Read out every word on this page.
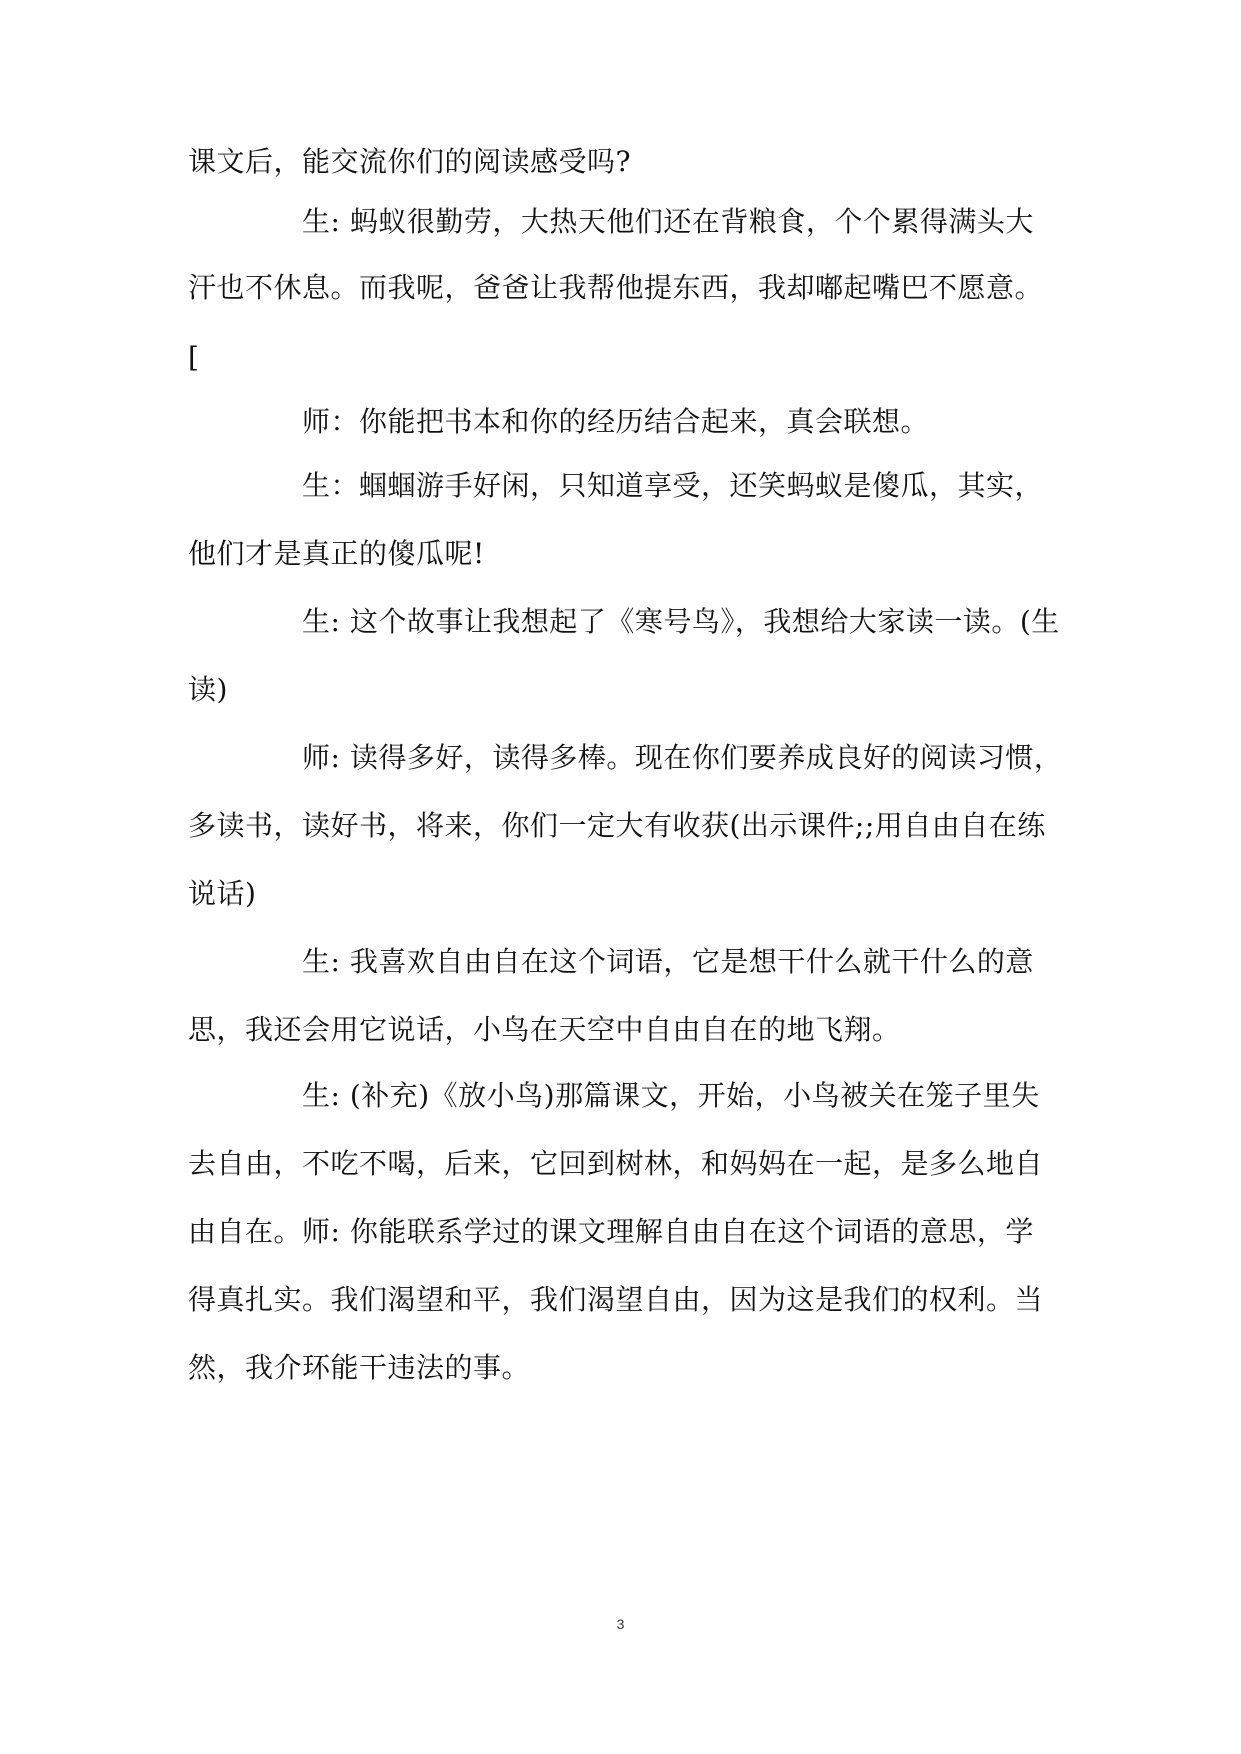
课文后，能交流你们的阅读感受吗?
生: 蚂蚁很勤劳，大热天他们还在背粮食，个个累得满头大
汗也不休息。而我呢，爸爸让我帮他提东西，我却嘟起嘴巴不愿意。
[
师：你能把书本和你的经历结合起来，真会联想。
生：蝈蝈游手好闲，只知道享受，还笑蚂蚁是傻瓜，其实，
他们才是真正的傻瓜呢!
生: 这个故事让我想起了《寒号鸟》，我想给大家读一读。(生
读)
师: 读得多好，读得多棒。现在你们要养成良好的阅读习惯，
多读书，读好书，将来，你们一定大有收获(出示课件;;用自由自在练
说话)
生: 我喜欢自由自在这个词语，它是想干什么就干什么的意
思，我还会用它说话，小鸟在天空中自由自在的地飞翔。
生: (补充)《放小鸟)那篇课文，开始，小鸟被关在笼子里失
去自由，不吃不喝，后来，它回到树林，和妈妈在一起，是多么地自
由自在。师: 你能联系学过的课文理解自由自在这个词语的意思，学
得真扎实。我们渴望和平，我们渴望自由，因为这是我们的权利。当
然，我介环能干违法的事。
3
